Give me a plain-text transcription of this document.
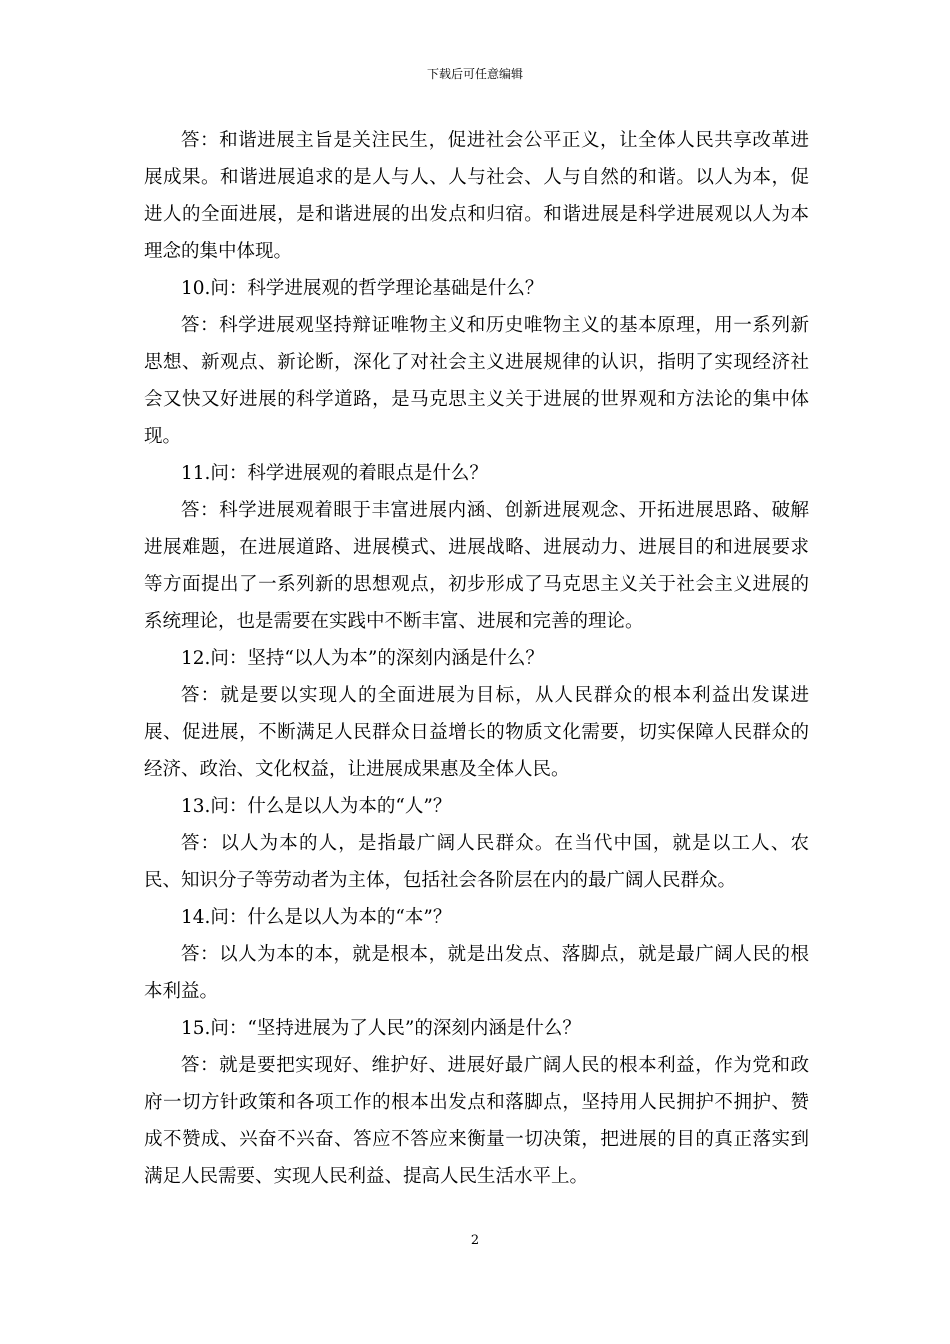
下载后可任意编辑

答：和谐进展主旨是关注民生，促进社会公平正义，让全体人民共享改革进展成果。和谐进展追求的是人与人、人与社会、人与自然的和谐。以人为本，促进人的全面进展，是和谐进展的出发点和归宿。和谐进展是科学进展观以人为本理念的集中体现。

10.问：科学进展观的哲学理论基础是什么？

答：科学进展观坚持辩证唯物主义和历史唯物主义的基本原理，用一系列新思想、新观点、新论断，深化了对社会主义进展规律的认识，指明了实现经济社会又快又好进展的科学道路，是马克思主义关于进展的世界观和方法论的集中体现。

11.问：科学进展观的着眼点是什么？

答：科学进展观着眼于丰富进展内涵、创新进展观念、开拓进展思路、破解进展难题，在进展道路、进展模式、进展战略、进展动力、进展目的和进展要求等方面提出了一系列新的思想观点，初步形成了马克思主义关于社会主义进展的系统理论，也是需要在实践中不断丰富、进展和完善的理论。

12.问：坚持“以人为本”的深刻内涵是什么？

答：就是要以实现人的全面进展为目标，从人民群众的根本利益出发谋进展、促进展，不断满足人民群众日益增长的物质文化需要，切实保障人民群众的经济、政治、文化权益，让进展成果惠及全体人民。

13.问：什么是以人为本的“人”？

答：以人为本的人，是指最广阔人民群众。在当代中国，就是以工人、农民、知识分子等劳动者为主体，包括社会各阶层在内的最广阔人民群众。

14.问：什么是以人为本的“本”？

答：以人为本的本，就是根本，就是出发点、落脚点，就是最广阔人民的根本利益。

15.问：“坚持进展为了人民”的深刻内涵是什么？

答：就是要把实现好、维护好、进展好最广阔人民的根本利益，作为党和政府一切方针政策和各项工作的根本出发点和落脚点，坚持用人民拥护不拥护、赞成不赞成、兴奋不兴奋、答应不答应来衡量一切决策，把进展的目的真正落实到满足人民需要、实现人民利益、提高人民生活水平上。

2
